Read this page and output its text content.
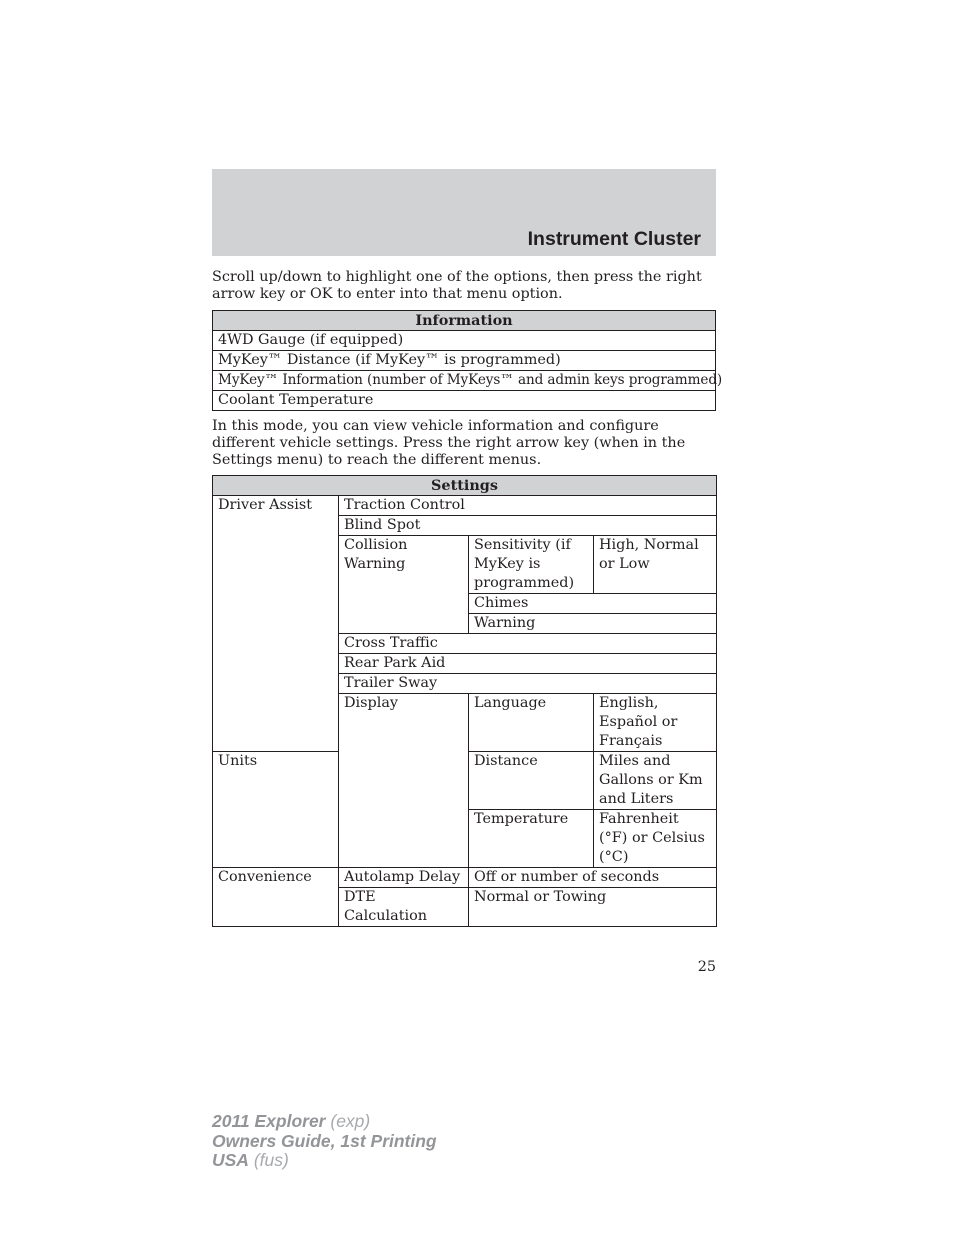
Instrument Cluster

Scroll up/down to highlight one of the options, then press the right arrow key or OK to enter into that menu option.

Information
4WD Gauge (if equipped)
MyKey™ Distance (if MyKey™ is programmed)
MyKey™ Information (number of MyKeys™ and admin keys programmed)
Coolant Temperature

In this mode, you can view vehicle information and configure different vehicle settings. Press the right arrow key (when in the Settings menu) to reach the different menus.

Settings			
Driver Assist	Traction Control		
	Blind Spot		
	Collision Warning	Sensitivity (if MyKey is programmed)	High, Normal or Low
		Chimes	
		Warning	
	Cross Traffic		
	Rear Park Aid		
	Trailer Sway		
	Display	Language	English, Español or Français
Units		Distance	Miles and Gallons or Km and Liters
		Temperature	Fahrenheit (°F) or Celsius (°C)
Convenience	Autolamp Delay	Off or number of seconds	
	DTE Calculation	Normal or Towing	
25
2011 Explorer (exp)
Owners Guide, 1st Printing
USA (fus)
